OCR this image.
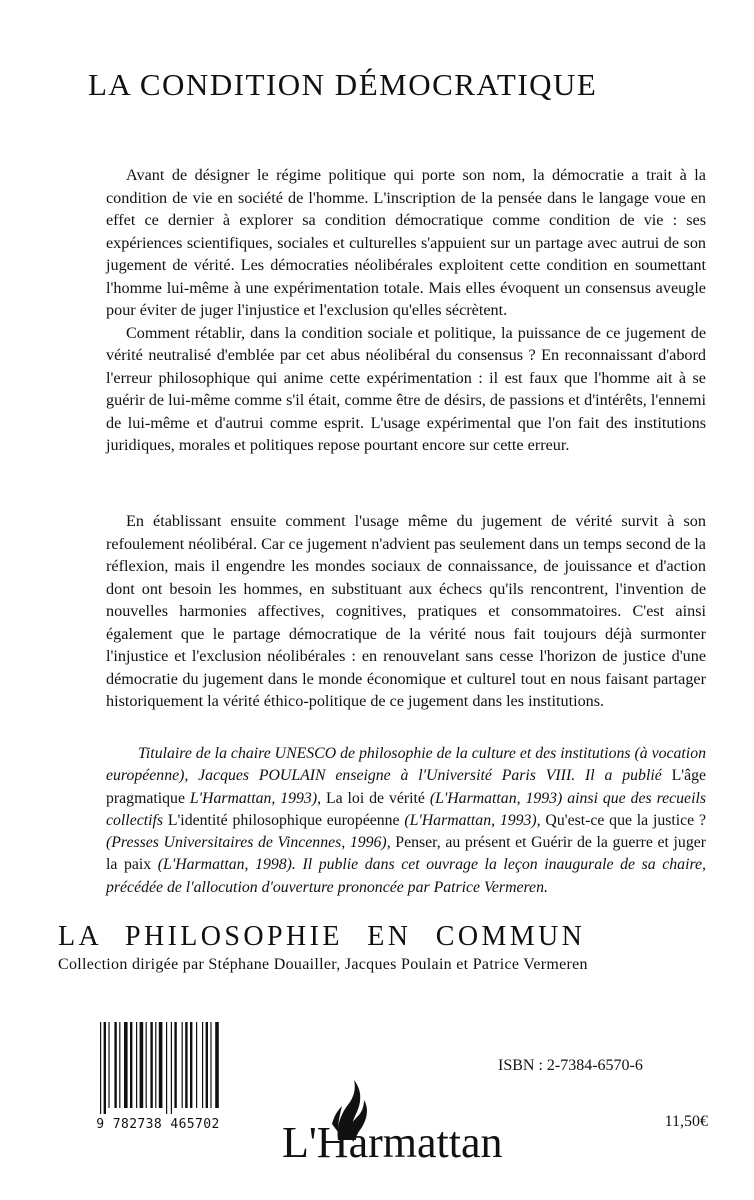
LA CONDITION DÉMOCRATIQUE

Avant de désigner le régime politique qui porte son nom, la démocratie a trait à la condition de vie en société de l'homme. L'inscription de la pensée dans le langage voue en effet ce dernier à explorer sa condition démocratique comme condition de vie : ses expériences scientifiques, sociales et culturelles s'appuient sur un partage avec autrui de son jugement de vérité. Les démocraties néolibérales exploitent cette condition en soumettant l'homme lui-même à une expérimentation totale. Mais elles évoquent un consensus aveugle pour éviter de juger l'injustice et l'exclusion qu'elles sécrètent.

Comment rétablir, dans la condition sociale et politique, la puissance de ce jugement de vérité neutralisé d'emblée par cet abus néolibéral du consensus ? En reconnaissant d'abord l'erreur philosophique qui anime cette expérimentation : il est faux que l'homme ait à se guérir de lui-même comme s'il était, comme être de désirs, de passions et d'intérêts, l'ennemi de lui-même et d'autrui comme esprit. L'usage expérimental que l'on fait des institutions juridiques, morales et politiques repose pourtant encore sur cette erreur.

En établissant ensuite comment l'usage même du jugement de vérité survit à son refoulement néolibéral. Car ce jugement n'advient pas seulement dans un temps second de la réflexion, mais il engendre les mondes sociaux de connaissance, de jouissance et d'action dont ont besoin les hommes, en substituant aux échecs qu'ils rencontrent, l'invention de nouvelles harmonies affectives, cognitives, pratiques et consommatoires. C'est ainsi également que le partage démocratique de la vérité nous fait toujours déjà surmonter l'injustice et l'exclusion néolibérales : en renouvelant sans cesse l'horizon de justice d'une démocratie du jugement dans le monde économique et culturel tout en nous faisant partager historiquement la vérité éthico-politique de ce jugement dans les institutions.

Titulaire de la chaire UNESCO de philosophie de la culture et des institutions (à vocation européenne), Jacques POULAIN enseigne à l'Université Paris VIII. Il a publié L'âge pragmatique L'Harmattan, 1993), La loi de vérité (L'Harmattan, 1993) ainsi que des recueils collectifs L'identité philosophique européenne (L'Harmattan, 1993), Qu'est-ce que la justice ? (Presses Universitaires de Vincennes, 1996), Penser, au présent et Guérir de la guerre et juger la paix (L'Harmattan, 1998). Il publie dans cet ouvrage la leçon inaugurale de sa chaire, précédée de l'allocution d'ouverture prononcée par Patrice Vermeren.

LA PHILOSOPHIE EN COMMUN
Collection dirigée par Stéphane Douailler, Jacques Poulain et Patrice Vermeren
9 782738 465702
ISBN : 2-7384-6570-6
L'Harmattan	11,50€
